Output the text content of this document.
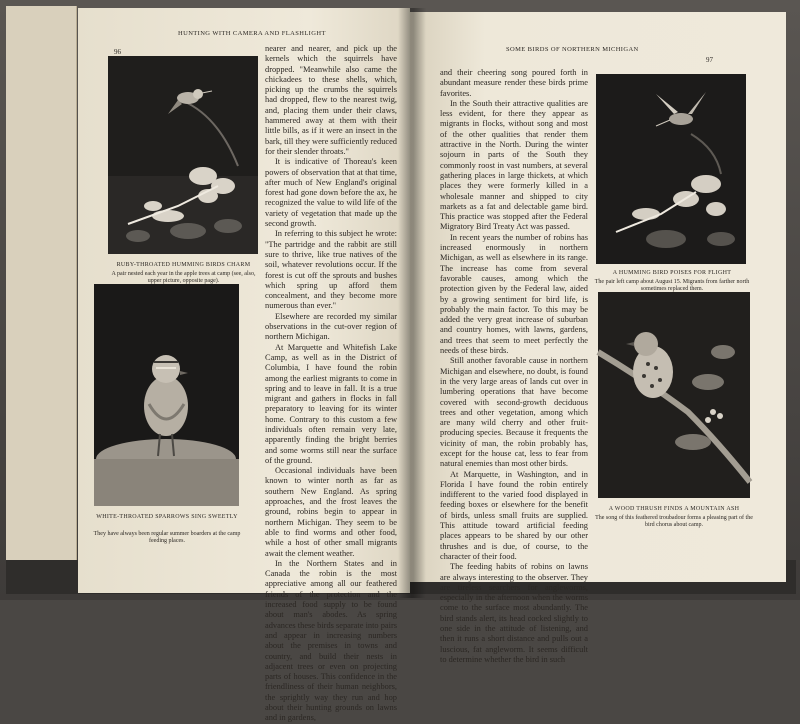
96
HUNTING WITH CAMERA AND FLASHLIGHT
RUBY-THROATED HUMMING BIRDS CHARM
A pair nested each year in the apple trees at camp (see, also, upper picture, opposite page).
WHITE-THROATED SPARROWS SING SWEETLY
They have always been regular summer boarders at the camp feeding places.

nearer and nearer, and pick up the kernels which the squirrels have dropped. "Meanwhile also came the chickadees to these shells, which, picking up the crumbs the squirrels had dropped, flew to the nearest twig, and, placing them under their claws, hammered away at them with their little bills, as if it were an insect in the bark, till they were sufficiently reduced for their slender throats."

It is indicative of Thoreau's keen powers of observation that at that time, after much of New England's original forest had gone down before the ax, he recognized the value to wild life of the variety of vegetation that made up the second growth.

In referring to this subject he wrote: "The partridge and the rabbit are still sure to thrive, like true natives of the soil, whatever revolutions occur. If the forest is cut off the sprouts and bushes which spring up afford them concealment, and they become more numerous than ever."

Elsewhere are recorded my similar observations in the cut-over region of northern Michigan.

At Marquette and Whitefish Lake Camp, as well as in the District of Columbia, I have found the robin among the earliest migrants to come in spring and to leave in fall. It is a true migrant and gathers in flocks in fall preparatory to leaving for its winter home. Contrary to this custom a few individuals often remain very late, apparently finding the bright berries and some worms still near the surface of the ground.

Occasional individuals have been known to winter north as far as southern New England. As spring approaches, and the frost leaves the ground, robins begin to appear in northern Michigan. They seem to be able to find worms and other food, while a host of other small migrants await the clement weather.

In the Northern States and in Canada the robin is the most appreciative among all our feathered friends of the protection and the increased food supply to be found about man's abodes. As spring advances these birds separate into pairs and appear in increasing numbers about the premises in towns and country, and build their nests in adjacent trees or even on projecting parts of houses. This confidence in the friendliness of their human neighbors, the sprightly way they run and hop about their hunting grounds on lawns and in gardens,

SOME BIRDS OF NORTHERN MICHIGAN
97

and their cheering song poured forth in abundant measure render these birds prime favorites.

In the South their attractive qualities are less evident, for there they appear as migrants in flocks, without song and most of the other qualities that render them attractive in the North. During the winter sojourn in parts of the South they commonly roost in vast numbers, at several gathering places in large thickets, at which places they were formerly killed in a wholesale manner and shipped to city markets as a fat and delectable game bird. This practice was stopped after the Federal Migratory Bird Treaty Act was passed.

In recent years the number of robins has increased enormously in northern Michigan, as well as elsewhere in its range. The increase has come from several favorable causes, among which the protection given by the Federal law, aided by a growing sentiment for bird life, is probably the main factor. To this may be added the very great increase of suburban and country homes, with lawns, gardens, and trees that seem to meet perfectly the needs of these birds.

Still another favorable cause in northern Michigan and elsewhere, no doubt, is found in the very large areas of lands cut over in lumbering operations that have become covered with second-growth deciduous trees and other vegetation, among which are many wild cherry and other fruit-producing species. Because it frequents the vicinity of man, the robin probably has, except for the house cat, less to fear from natural enemies than most other birds.

At Marquette, in Washington, and in Florida I have found the robin entirely indifferent to the varied food displayed in feeding boxes or elsewhere for the benefit of birds, unless small fruits are supplied. This attitude toward artificial feeding places appears to be shared by our other thrushes and is due, of course, to the character of their food.

The feeding habits of robins on lawns are always interesting to the observer. They are tireless searchers for angleworms, especially in the afternoon when the worms come to the surface most abundantly. The bird stands alert, its head cocked slightly to one side in the attitude of listening, and then it runs a short distance and pulls out a luscious, fat angleworm. It seems difficult to determine whether the bird in such

A HUMMING BIRD POISES FOR FLIGHT
The pair left camp about August 15. Migrants from farther north sometimes replaced them.
A WOOD THRUSH FINDS A MOUNTAIN ASH
The song of this feathered troubadour forms a pleasing part of the bird chorus about camp.
